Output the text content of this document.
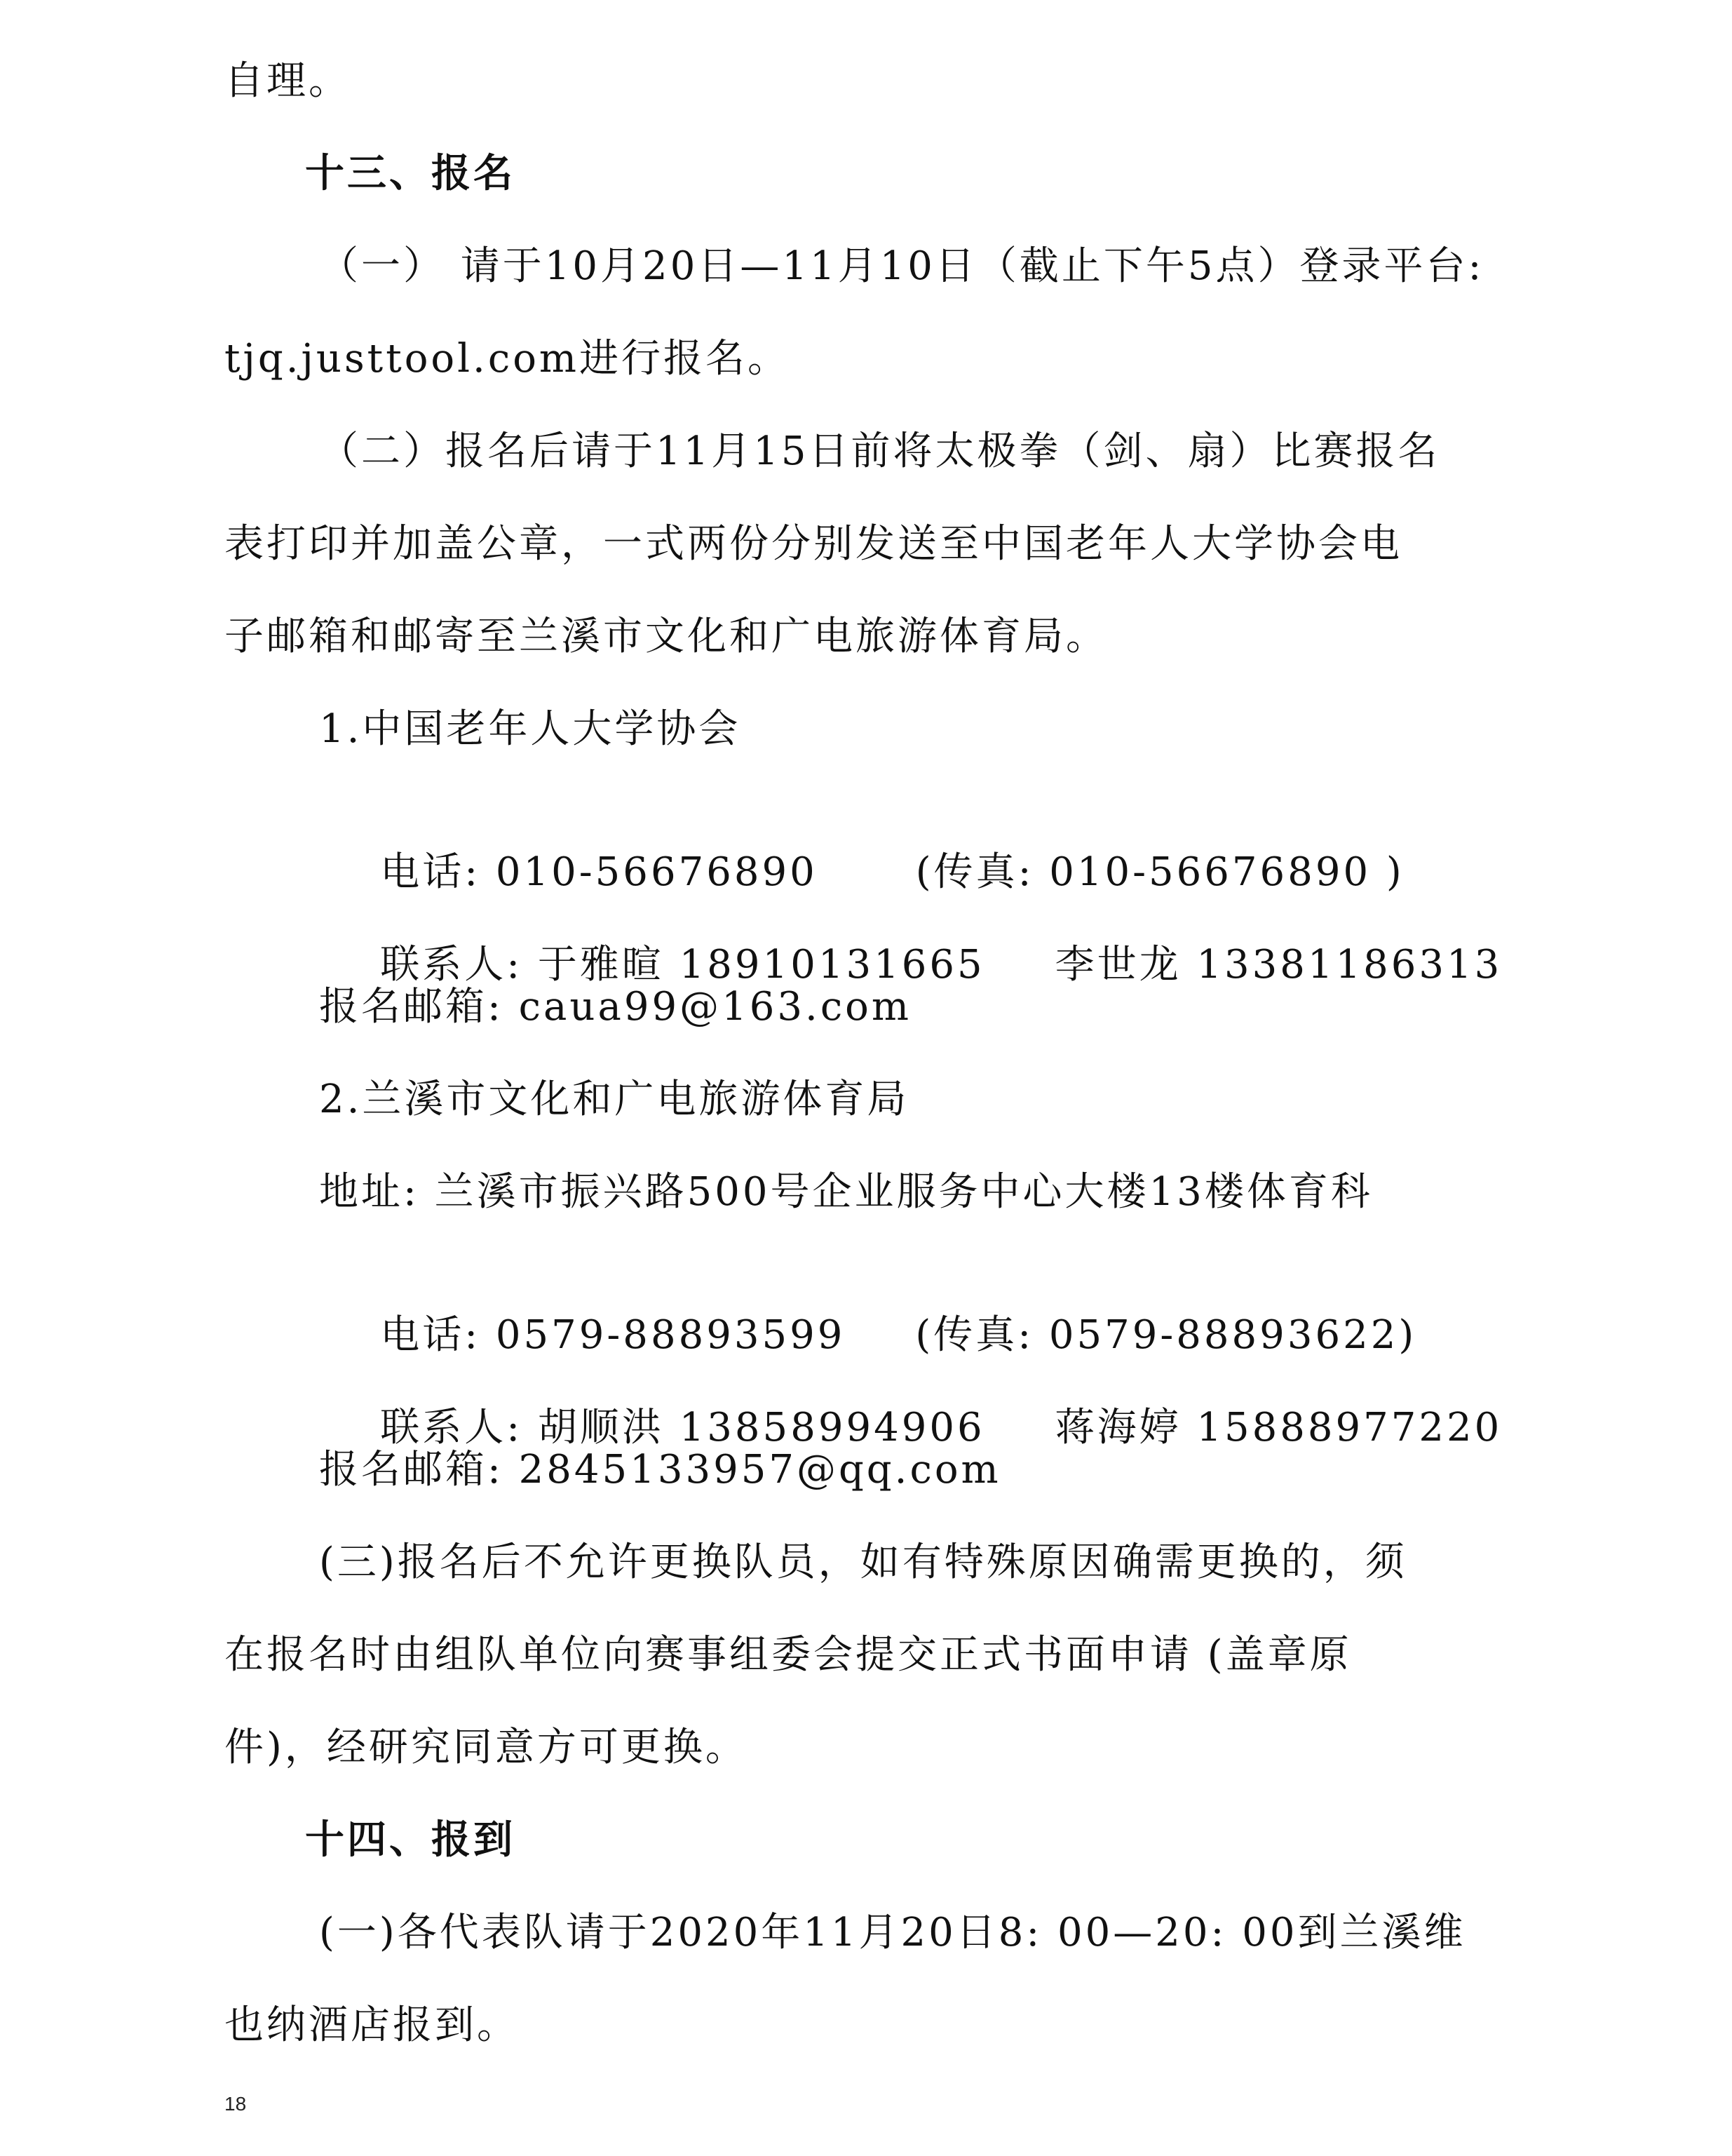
自理。
十三、报名
（一） 请于10月20日—11月10日（截止下午5点）登录平台:
tjq.justtool.com进行报名。
（二）报名后请于11月15日前将太极拳（剑、扇）比赛报名
表打印并加盖公章，一式两份分别发送至中国老年人大学协会电
子邮箱和邮寄至兰溪市文化和广电旅游体育局。
1.中国老年人大学协会

电话: 010-56676890	(传真: 010-56676890 )

联系人: 于雅暄 18910131665 李世龙 13381186313

报名邮箱: caua99@163.com
2.兰溪市文化和广电旅游体育局
地址: 兰溪市振兴路500号企业服务中心大楼13楼体育科

电话: 0579-88893599 (传真: 0579-88893622)

联系人: 胡顺洪 13858994906 蒋海婷 15888977220

报名邮箱: 2845133957@qq.com
(三)报名后不允许更换队员，如有特殊原因确需更换的，须
在报名时由组队单位向赛事组委会提交正式书面申请 (盖章原
件)，经研究同意方可更换。
十四、报到
(一)各代表队请于2020年11月20日8: 00—20: 00到兰溪维
也纳酒店报到。
18
